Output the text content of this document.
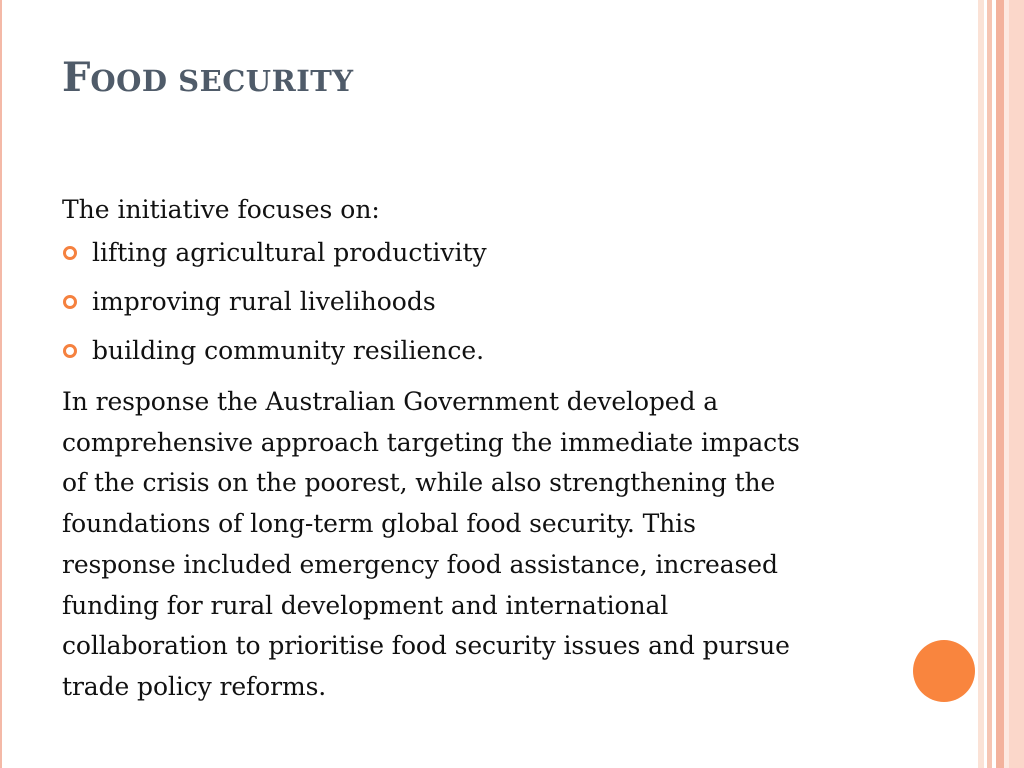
FOOD SECURITY

The initiative focuses on:

lifting agricultural productivity
improving rural livelihoods
building community resilience.

In response the Australian Government developed a
comprehensive approach targeting the immediate impacts
of the crisis on the poorest, while also strengthening the
foundations of long-term global food security. This
response included emergency food assistance, increased
funding for rural development and international
collaboration to prioritise food security issues and pursue
trade policy reforms.
